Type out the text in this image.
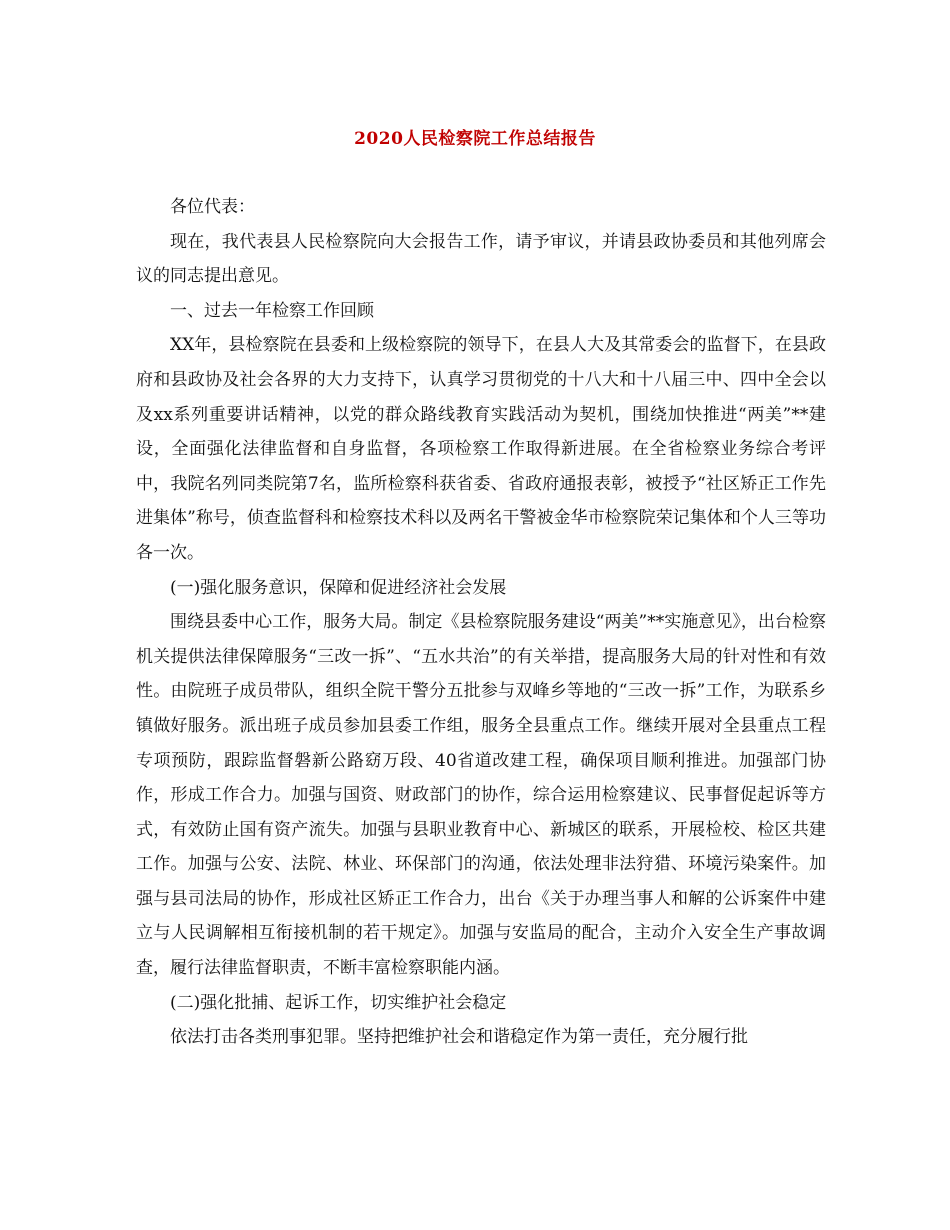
2020人民检察院工作总结报告

各位代表：

现在，我代表县人民检察院向大会报告工作，请予审议，并请县政协委员和其他列席会议的同志提出意见。

一、过去一年检察工作回顾

XX年，县检察院在县委和上级检察院的领导下，在县人大及其常委会的监督下，在县政府和县政协及社会各界的大力支持下，认真学习贯彻党的十八大和十八届三中、四中全会以及xx系列重要讲话精神，以党的群众路线教育实践活动为契机，围绕加快推进“两美”**建设，全面强化法律监督和自身监督，各项检察工作取得新进展。在全省检察业务综合考评中，我院名列同类院第7名，监所检察科获省委、省政府通报表彰，被授予“社区矫正工作先进集体”称号，侦查监督科和检察技术科以及两名干警被金华市检察院荣记集体和个人三等功各一次。

(一)强化服务意识，保障和促进经济社会发展

围绕县委中心工作，服务大局。制定《县检察院服务建设“两美”**实施意见》，出台检察机关提供法律保障服务“三改一拆”、“五水共治”的有关举措，提高服务大局的针对性和有效性。由院班子成员带队，组织全院干警分五批参与双峰乡等地的“三改一拆”工作，为联系乡镇做好服务。派出班子成员参加县委工作组，服务全县重点工作。继续开展对全县重点工程专项预防，跟踪监督磐新公路窈万段、40省道改建工程，确保项目顺利推进。加强部门协作，形成工作合力。加强与国资、财政部门的协作，综合运用检察建议、民事督促起诉等方式，有效防止国有资产流失。加强与县职业教育中心、新城区的联系，开展检校、检区共建工作。加强与公安、法院、林业、环保部门的沟通，依法处理非法狩猎、环境污染案件。加强与县司法局的协作，形成社区矫正工作合力，出台《关于办理当事人和解的公诉案件中建立与人民调解相互衔接机制的若干规定》。加强与安监局的配合，主动介入安全生产事故调查，履行法律监督职责，不断丰富检察职能内涵。

(二)强化批捕、起诉工作，切实维护社会稳定

依法打击各类刑事犯罪。坚持把维护社会和谐稳定作为第一责任，充分履行批
